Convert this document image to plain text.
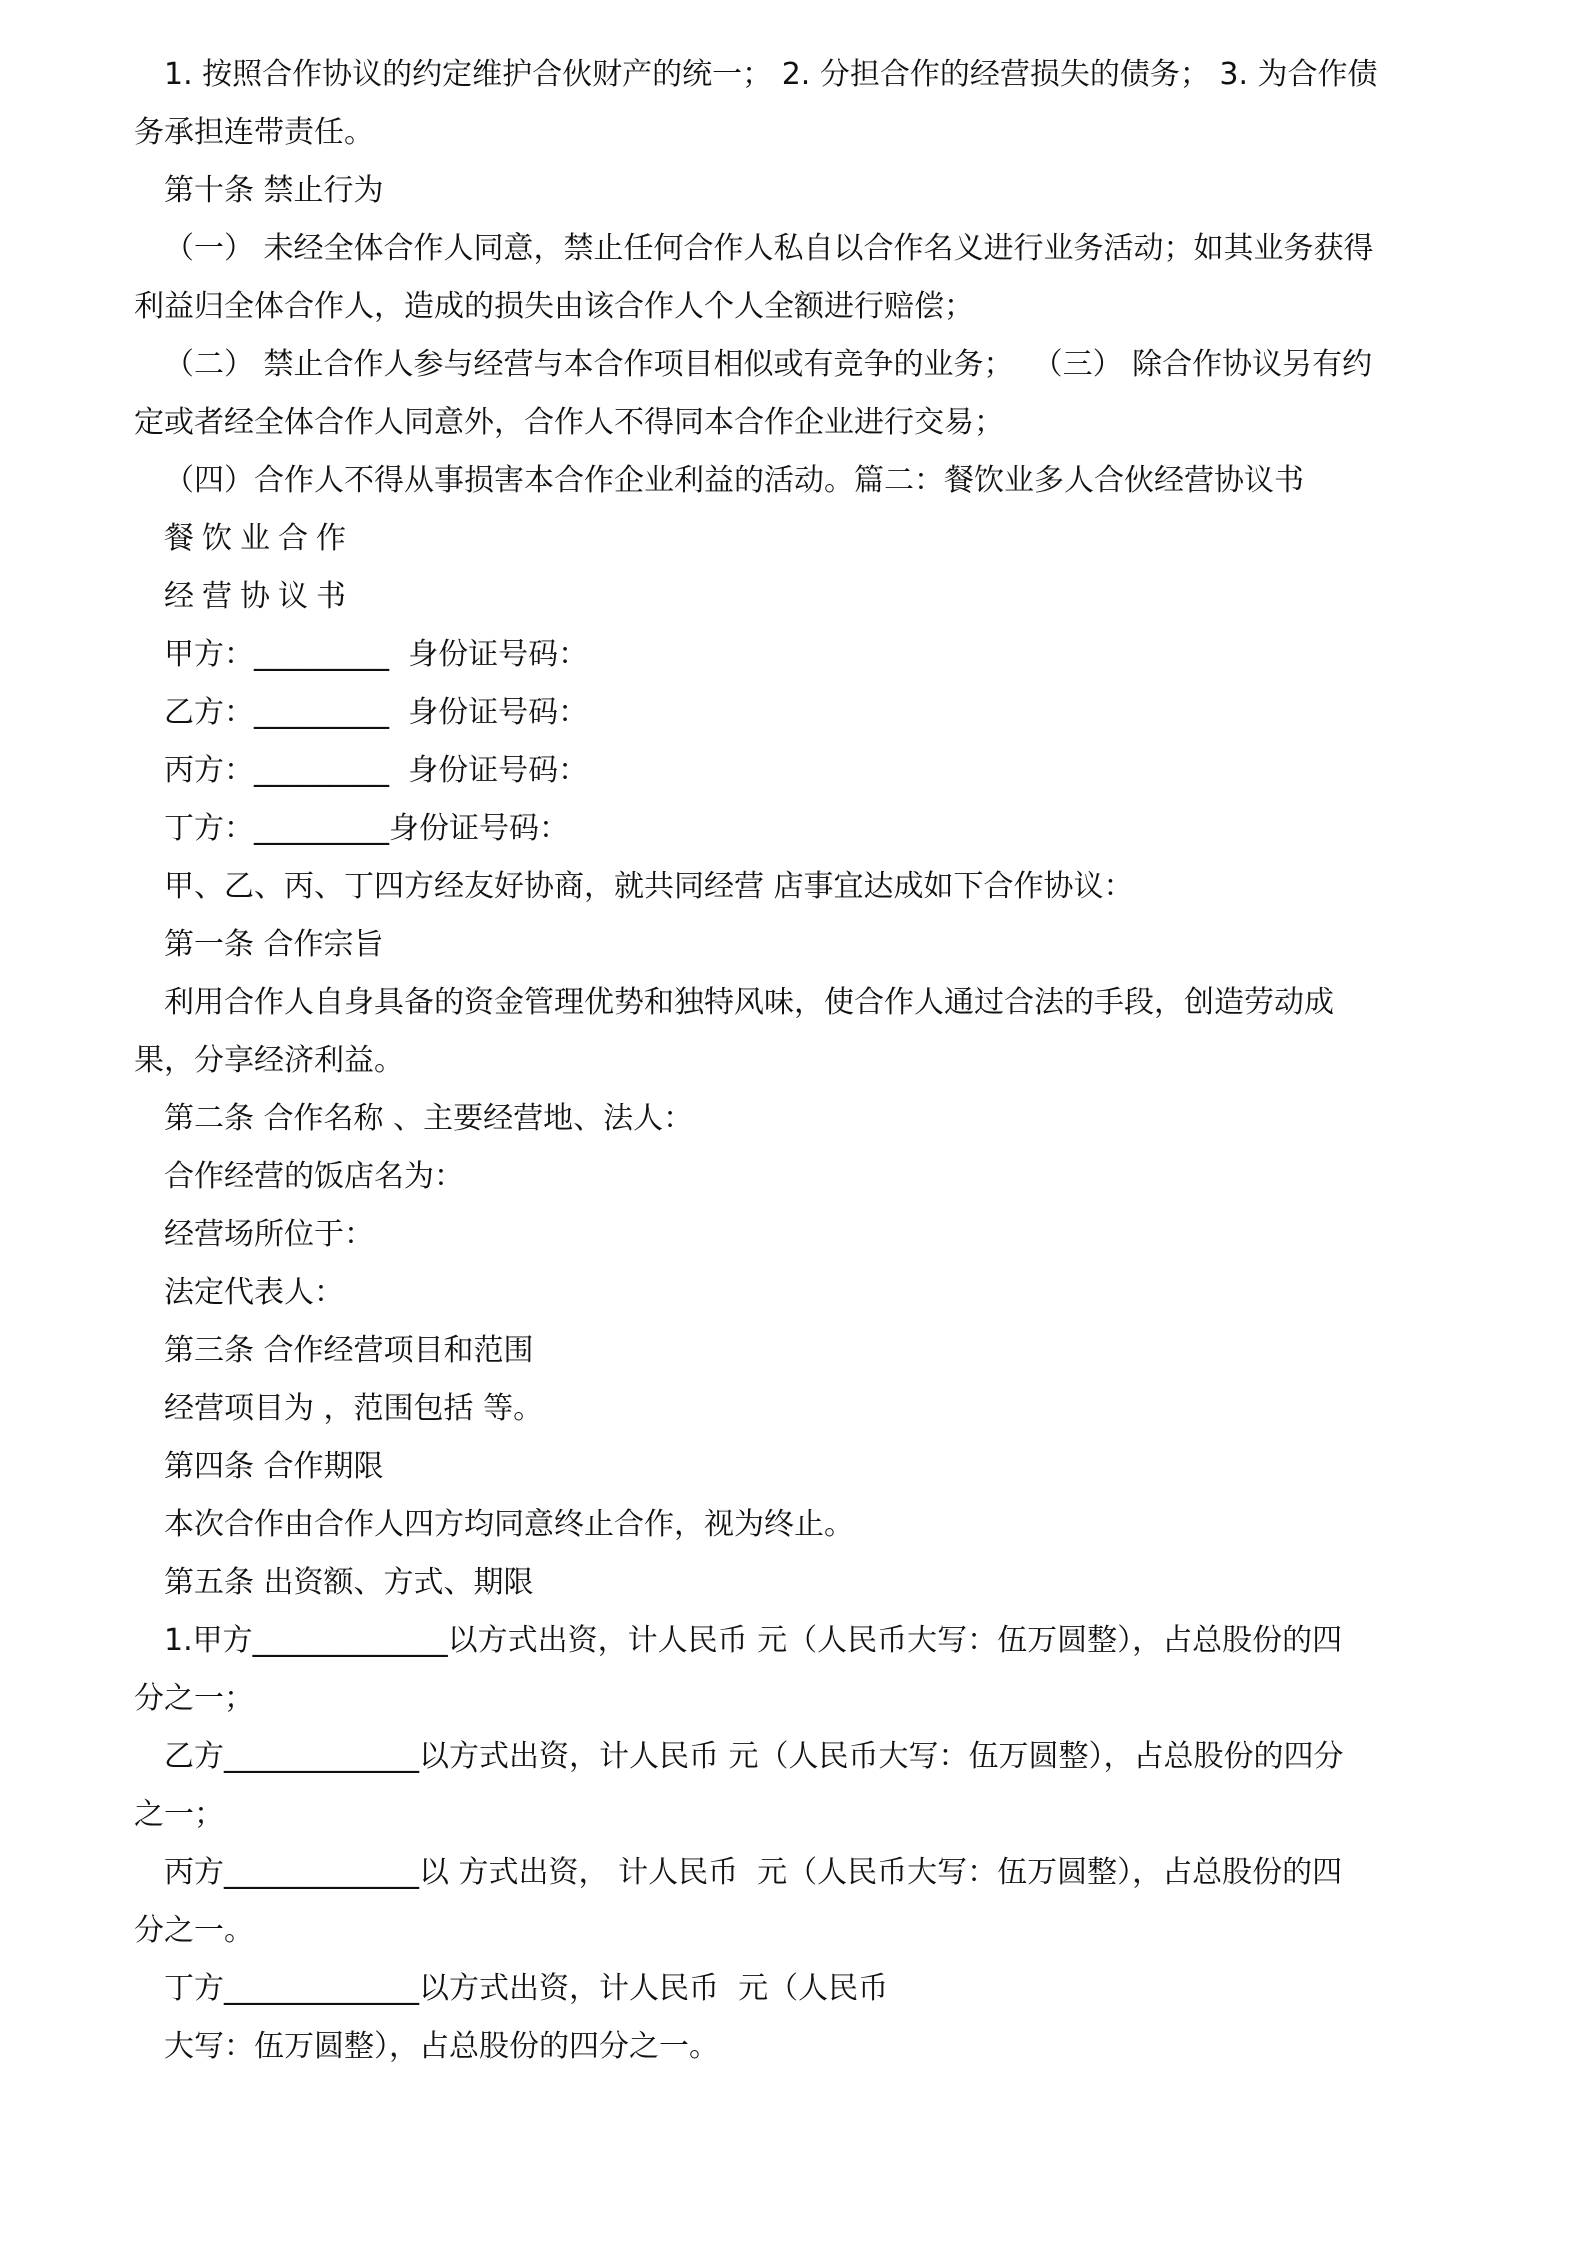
1. 按照合作协议的约定维护合伙财产的统一； 2. 分担合作的经营损失的债务； 3. 为合作债
务承担连带责任。
第十条 禁止行为
（一） 未经全体合作人同意，禁止任何合作人私自以合作名义进行业务活动；如其业务获得
利益归全体合作人，造成的损失由该合作人个人全额进行赔偿；
（二） 禁止合作人参与经营与本合作项目相似或有竞争的业务；  （三） 除合作协议另有约
定或者经全体合作人同意外，合作人不得同本合作企业进行交易；
（四）合作人不得从事损害本合作企业利益的活动。篇二：餐饮业多人合伙经营协议书
餐饮业合作
经营协议书
甲方：_________  身份证号码：
乙方：_________  身份证号码：
丙方：_________  身份证号码：
丁方：_________身份证号码：
甲、乙、丙、丁四方经友好协商，就共同经营 店事宜达成如下合作协议：
第一条 合作宗旨
利用合作人自身具备的资金管理优势和独特风味，使合作人通过合法的手段，创造劳动成
果，分享经济利益。
第二条 合作名称 、主要经营地、法人：
合作经营的饭店名为：
经营场所位于：
法定代表人：
第三条 合作经营项目和范围
经营项目为 ，范围包括 等。
第四条 合作期限
本次合作由合作人四方均同意终止合作，视为终止。
第五条 出资额、方式、期限
1.甲方_____________以方式出资，计人民币 元（人民币大写：伍万圆整），占总股份的四
分之一；
乙方_____________以方式出资，计人民币 元（人民币大写：伍万圆整），占总股份的四分
之一；
丙方_____________以 方式出资， 计人民币  元（人民币大写：伍万圆整），占总股份的四
分之一。
丁方_____________以方式出资，计人民币  元（人民币
大写：伍万圆整），占总股份的四分之一。
